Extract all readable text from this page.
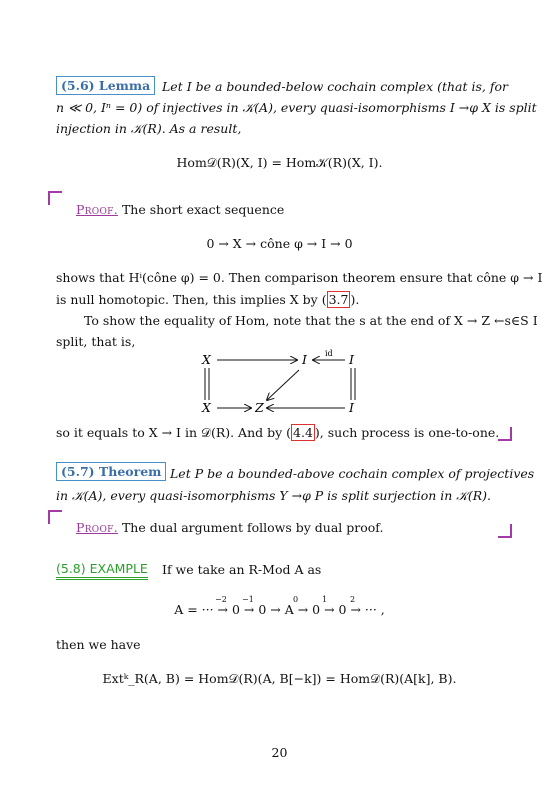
(5.6) Lemma Let I be a bounded-below cochain complex (that is, for
n ≪ 0, Iⁿ = 0) of injectives in 𝒦(A), every quasi-isomorphisms I →φ X is split
injection in 𝒦(R). As a result,
Hom𝒟(R)(X, I) = Hom𝒦(R)(X, I).
Proof. The short exact sequence
0 → X → cône φ → I → 0
shows that Hⁱ(cône φ) = 0. Then comparison theorem ensure that cône φ → I
is null homotopic. Then, this implies X by ( 3.7 ).
To show the equality of Hom, note that the s at the end of X → Z ←s∈S I
split, that is,
X	I	I
id
X	Z	I
so it equals to X → I in 𝒟(R). And by ( 4.4 ), such process is one-to-one.
(5.7) Theorem Let P be a bounded-above cochain complex of projectives
in 𝒦(A), every quasi-isomorphisms Y →φ P is split surjection in 𝒦(R).
Proof. The dual argument follows by dual proof.
(5.8) EXAMPLE If we take an R-Mod A as
−2 −1	0	1	2
A = ··· → 0 → 0 → A → 0 → 0 → ··· ,
then we have
Extᵏ_R(A, B) = Hom𝒟(R)(A, B[−k]) = Hom𝒟(R)(A[k], B).
20
